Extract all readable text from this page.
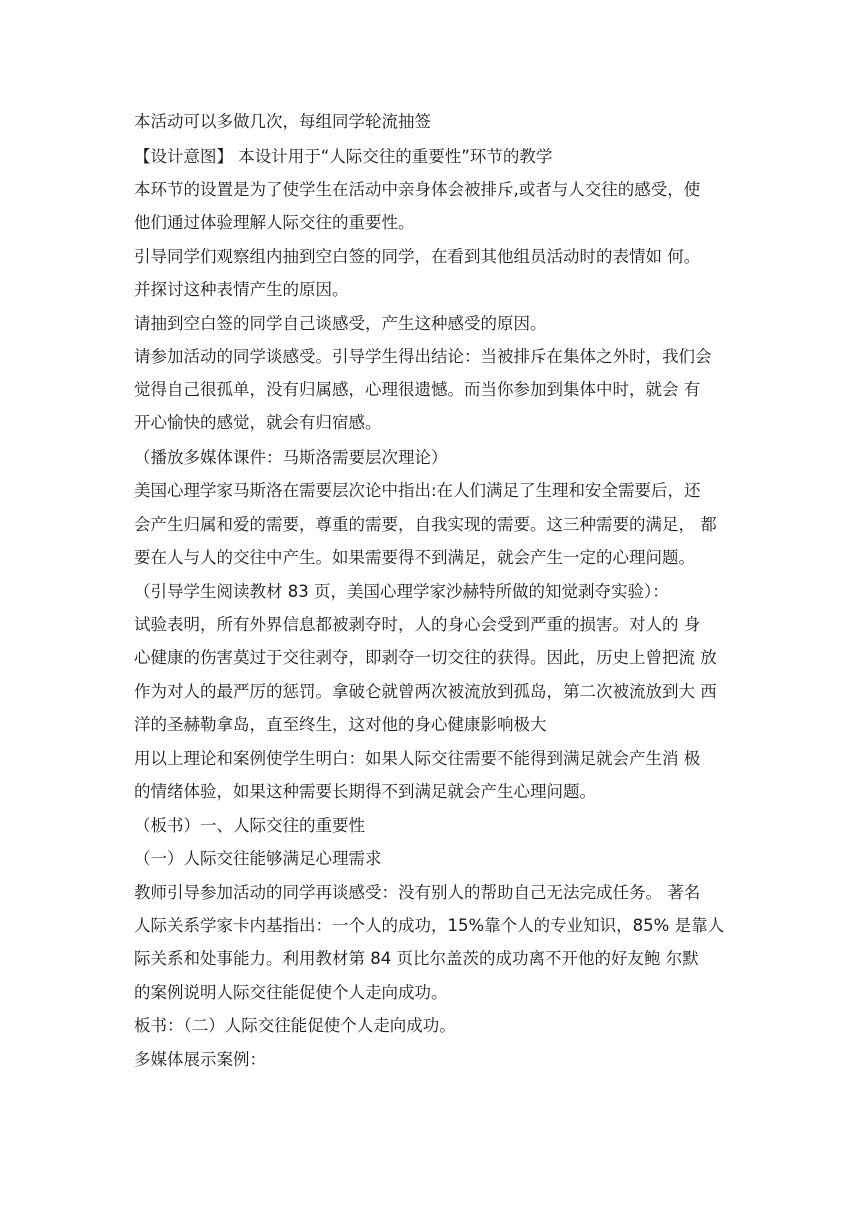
本活动可以多做几次，每组同学轮流抽签
【设计意图】 本设计用于“人际交往的重要性”环节的教学
本环节的设置是为了使学生在活动中亲身体会被排斥,或者与人交往的感受，使
他们通过体验理解人际交往的重要性。
引导同学们观察组内抽到空白签的同学，在看到其他组员活动时的表情如 何。
并探讨这种表情产生的原因。
请抽到空白签的同学自己谈感受，产生这种感受的原因。
请参加活动的同学谈感受。引导学生得出结论：当被排斥在集体之外时，我们会
觉得自己很孤单，没有归属感，心理很遗憾。而当你参加到集体中时，就会 有
开心愉快的感觉，就会有归宿感。
（播放多媒体课件：马斯洛需要层次理论）
美国心理学家马斯洛在需要层次论中指出:在人们满足了生理和安全需要后，还
会产生归属和爱的需要，尊重的需要，自我实现的需要。这三种需要的满足， 都
要在人与人的交往中产生。如果需要得不到满足，就会产生一定的心理问题。
（引导学生阅读教材 83 页，美国心理学家沙赫特所做的知觉剥夺实验）：
试验表明，所有外界信息都被剥夺时，人的身心会受到严重的损害。对人的 身
心健康的伤害莫过于交往剥夺，即剥夺一切交往的获得。因此，历史上曾把流 放
作为对人的最严厉的惩罚。拿破仑就曾两次被流放到孤岛，第二次被流放到大 西
洋的圣赫勒拿岛，直至终生，这对他的身心健康影响极大
用以上理论和案例使学生明白：如果人际交往需要不能得到满足就会产生消 极
的情绪体验，如果这种需要长期得不到满足就会产生心理问题。
（板书）一、人际交往的重要性
（一）人际交往能够满足心理需求
教师引导参加活动的同学再谈感受：没有别人的帮助自己无法完成任务。 著名
人际关系学家卡内基指出：一个人的成功，15%靠个人的专业知识，85% 是靠人
际关系和处事能力。利用教材第 84 页比尔盖茨的成功离不开他的好友鲍 尔默
的案例说明人际交往能促使个人走向成功。
板书：（二）人际交往能促使个人走向成功。
多媒体展示案例：
